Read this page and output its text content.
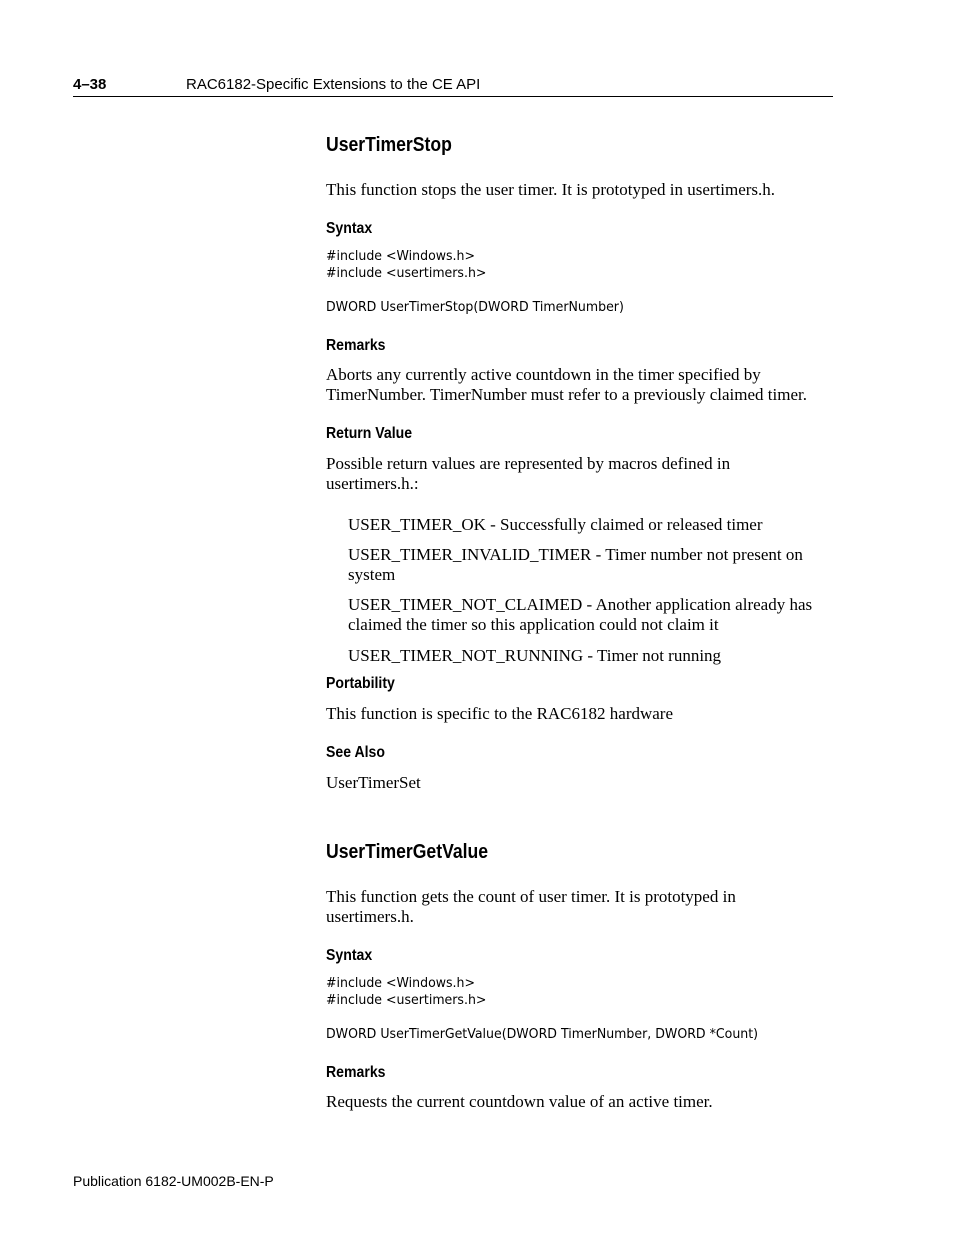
4–38	RAC6182-Specific Extensions to the CE API
UserTimerStop
This function stops the user timer. It is prototyped in usertimers.h.
Syntax
#include <Windows.h>
#include <usertimers.h>
DWORD UserTimerStop(DWORD TimerNumber)
Remarks
Aborts any currently active countdown in the timer specified by TimerNumber. TimerNumber must refer to a previously claimed timer.
Return Value
Possible return values are represented by macros defined in usertimers.h.:
USER_TIMER_OK - Successfully claimed or released timer
USER_TIMER_INVALID_TIMER - Timer number not present on system
USER_TIMER_NOT_CLAIMED - Another application already has claimed the timer so this application could not claim it
USER_TIMER_NOT_RUNNING - Timer not running
Portability
This function is specific to the RAC6182 hardware
See Also
UserTimerSet
UserTimerGetValue
This function gets the count of user timer. It is prototyped in usertimers.h.
Syntax
#include <Windows.h>
#include <usertimers.h>
DWORD UserTimerGetValue(DWORD TimerNumber, DWORD *Count)
Remarks
Requests the current countdown value of an active timer.
Publication 6182-UM002B-EN-P
